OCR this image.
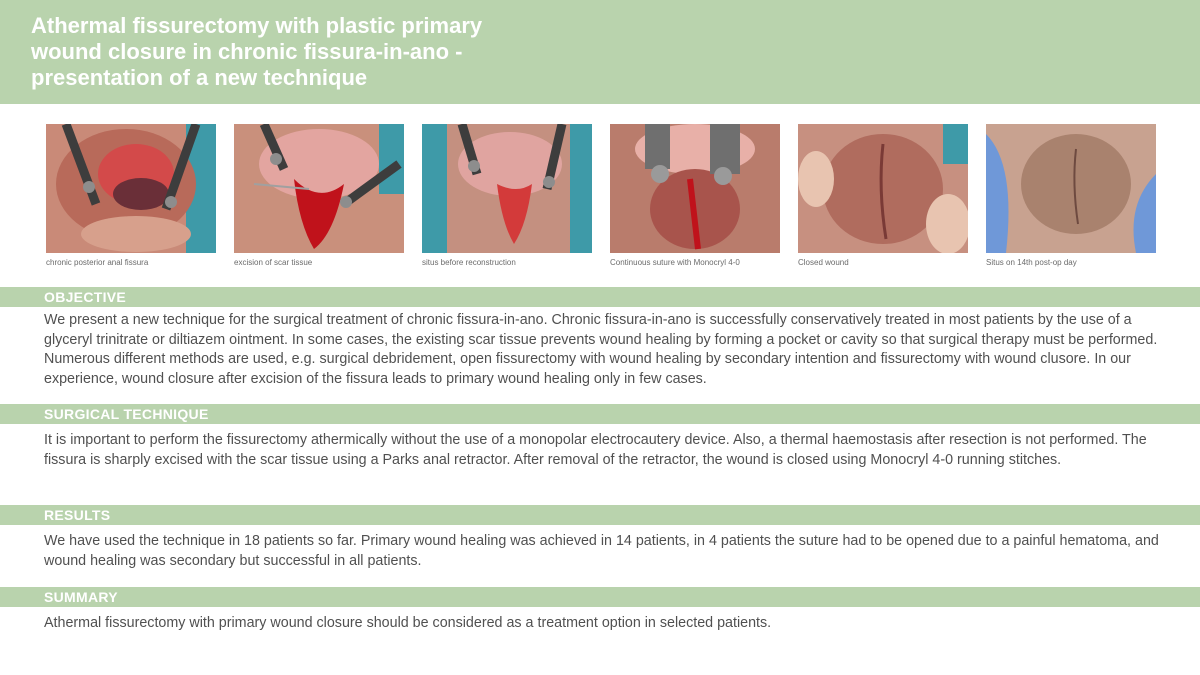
Athermal fissurectomy with plastic primary
wound closure in chronic fissura-in-ano -
presentation of a new technique
chronic posterior anal fissura	excision of scar tissue	situs before reconstruction	Continuous suture with Monocryl 4-0	Closed wound	Situs on 14th post-op day
OBJECTIVE
We present a new technique for the surgical treatment of chronic fissura-in-ano. Chronic fissura-in-ano is successfully conservatively treated in most patients by the use of a glyceryl trinitrate or diltiazem ointment. In some cases, the existing scar tissue prevents wound healing by forming a pocket or cavity so that surgical therapy must be performed. Numerous different methods are used, e.g. surgical debridement, open fissurectomy with wound healing by secondary intention and fissurectomy with wound clusore. In our experience, wound closure after excision of the fissura leads to primary wound healing only in few cases.
SURGICAL TECHNIQUE
It is important to perform the fissurectomy athermically without the use of a monopolar electrocautery device. Also, a thermal haemostasis after resection is not performed. The fissura is sharply excised with the scar tissue using a Parks anal retractor. After removal of the retractor, the wound is closed using Monocryl 4-0 running stitches.
RESULTS
We have used the technique in 18 patients so far. Primary wound healing was achieved in 14 patients, in 4 patients the suture had to be opened due to a painful hematoma, and wound healing was secondary but successful in all patients.
SUMMARY
Athermal fissurectomy with primary wound closure should be considered as a treatment option in selected patients.
